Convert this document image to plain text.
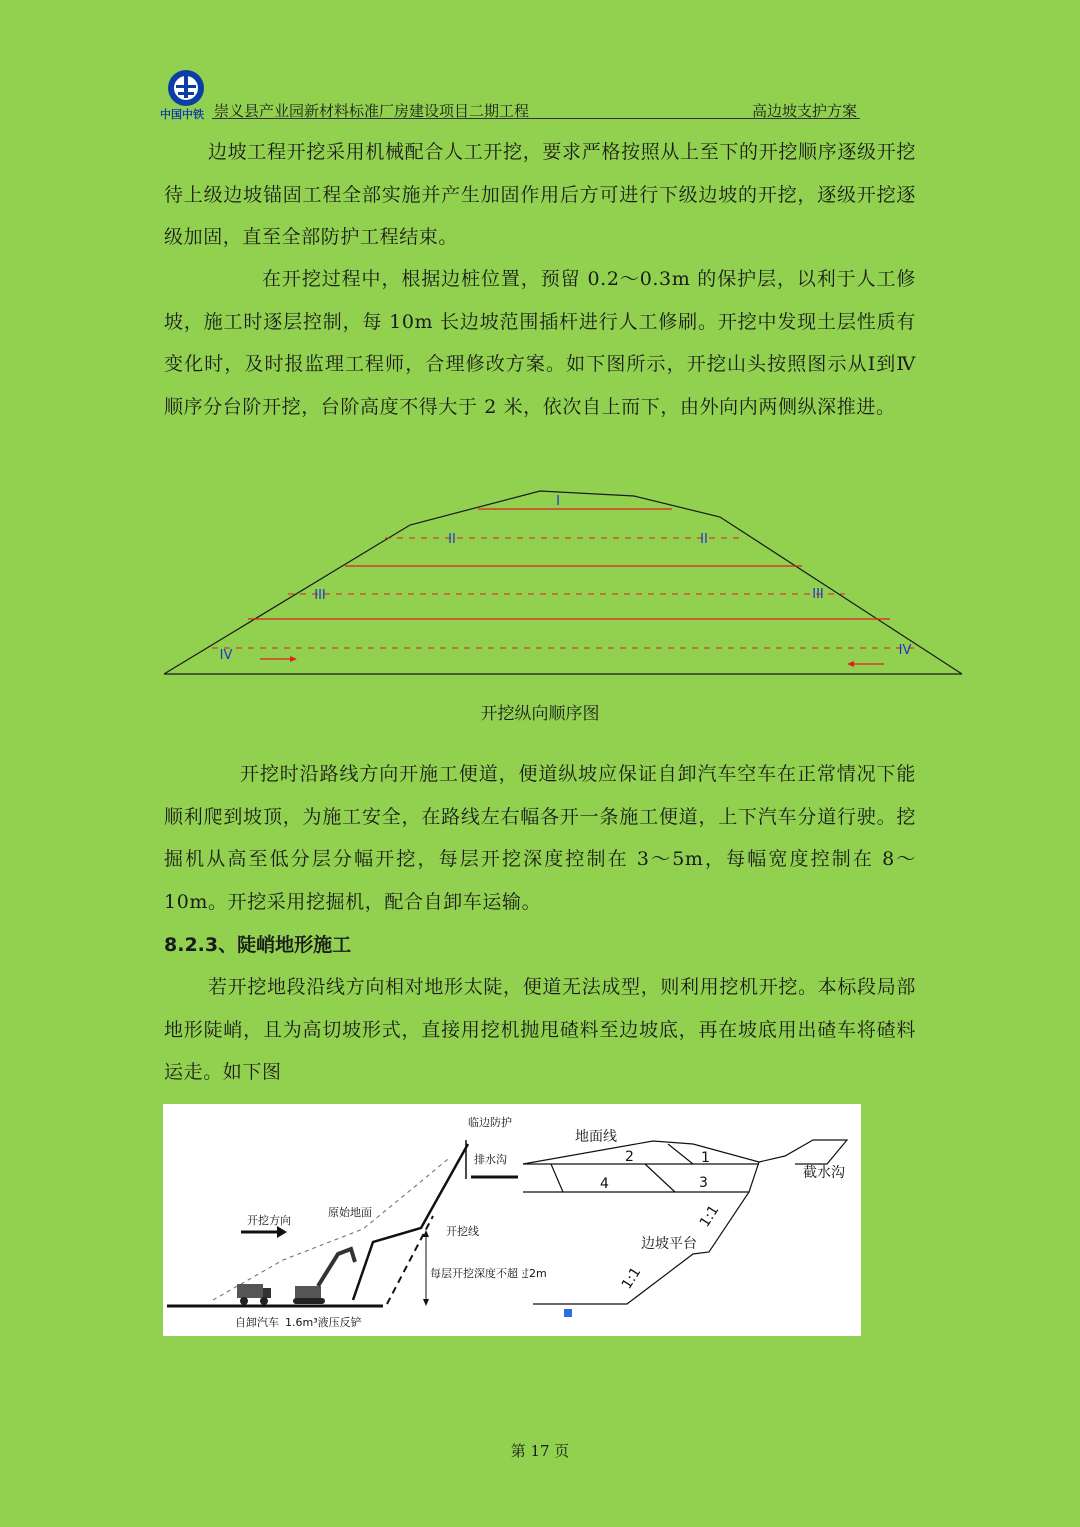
中国中铁 崇义县产业园新材料标准厂房建设项目二期工程	高边坡支护方案
边坡工程开挖采用机械配合人工开挖，要求严格按照从上至下的开挖顺序逐级开挖待上级边坡锚固工程全部实施并产生加固作用后方可进行下级边坡的开挖，逐级开挖逐级加固，直至全部防护工程结束。
在开挖过程中，根据边桩位置，预留 0.2～0.3m 的保护层，以利于人工修坡，施工时逐层控制，每 10m 长边坡范围插杆进行人工修刷。开挖中发现土层性质有变化时，及时报监理工程师，合理修改方案。如下图所示，开挖山头按照图示从Ⅰ到Ⅳ顺序分台阶开挖，台阶高度不得大于 2 米，依次自上而下，由外向内两侧纵深推进。
I
II	II
III	III
IV	IV
开挖纵向顺序图
开挖时沿路线方向开施工便道，便道纵坡应保证自卸汽车空车在正常情况下能顺利爬到坡顶，为施工安全，在路线左右幅各开一条施工便道，上下汽车分道行驶。挖掘机从高至低分层分幅开挖，每层开挖深度控制在 3～5m，每幅宽度控制在 8～10m。开挖采用挖掘机，配合自卸车运输。
8.2.3、陡峭地形施工
若开挖地段沿线方向相对地形太陡，便道无法成型，则利用挖机开挖。本标段局部地形陡峭，且为高切坡形式，直接用挖机抛甩碴料至边坡底，再在坡底用出碴车将碴料运走。如下图
临边防护
排水沟
原始地面
开挖方向
开挖线
每层开挖深度不超过2m
自卸汽车 1.6m³液压反铲
地面线
2	1
4	3
截水沟
边坡平台
1:1
1:1
第 17 页
